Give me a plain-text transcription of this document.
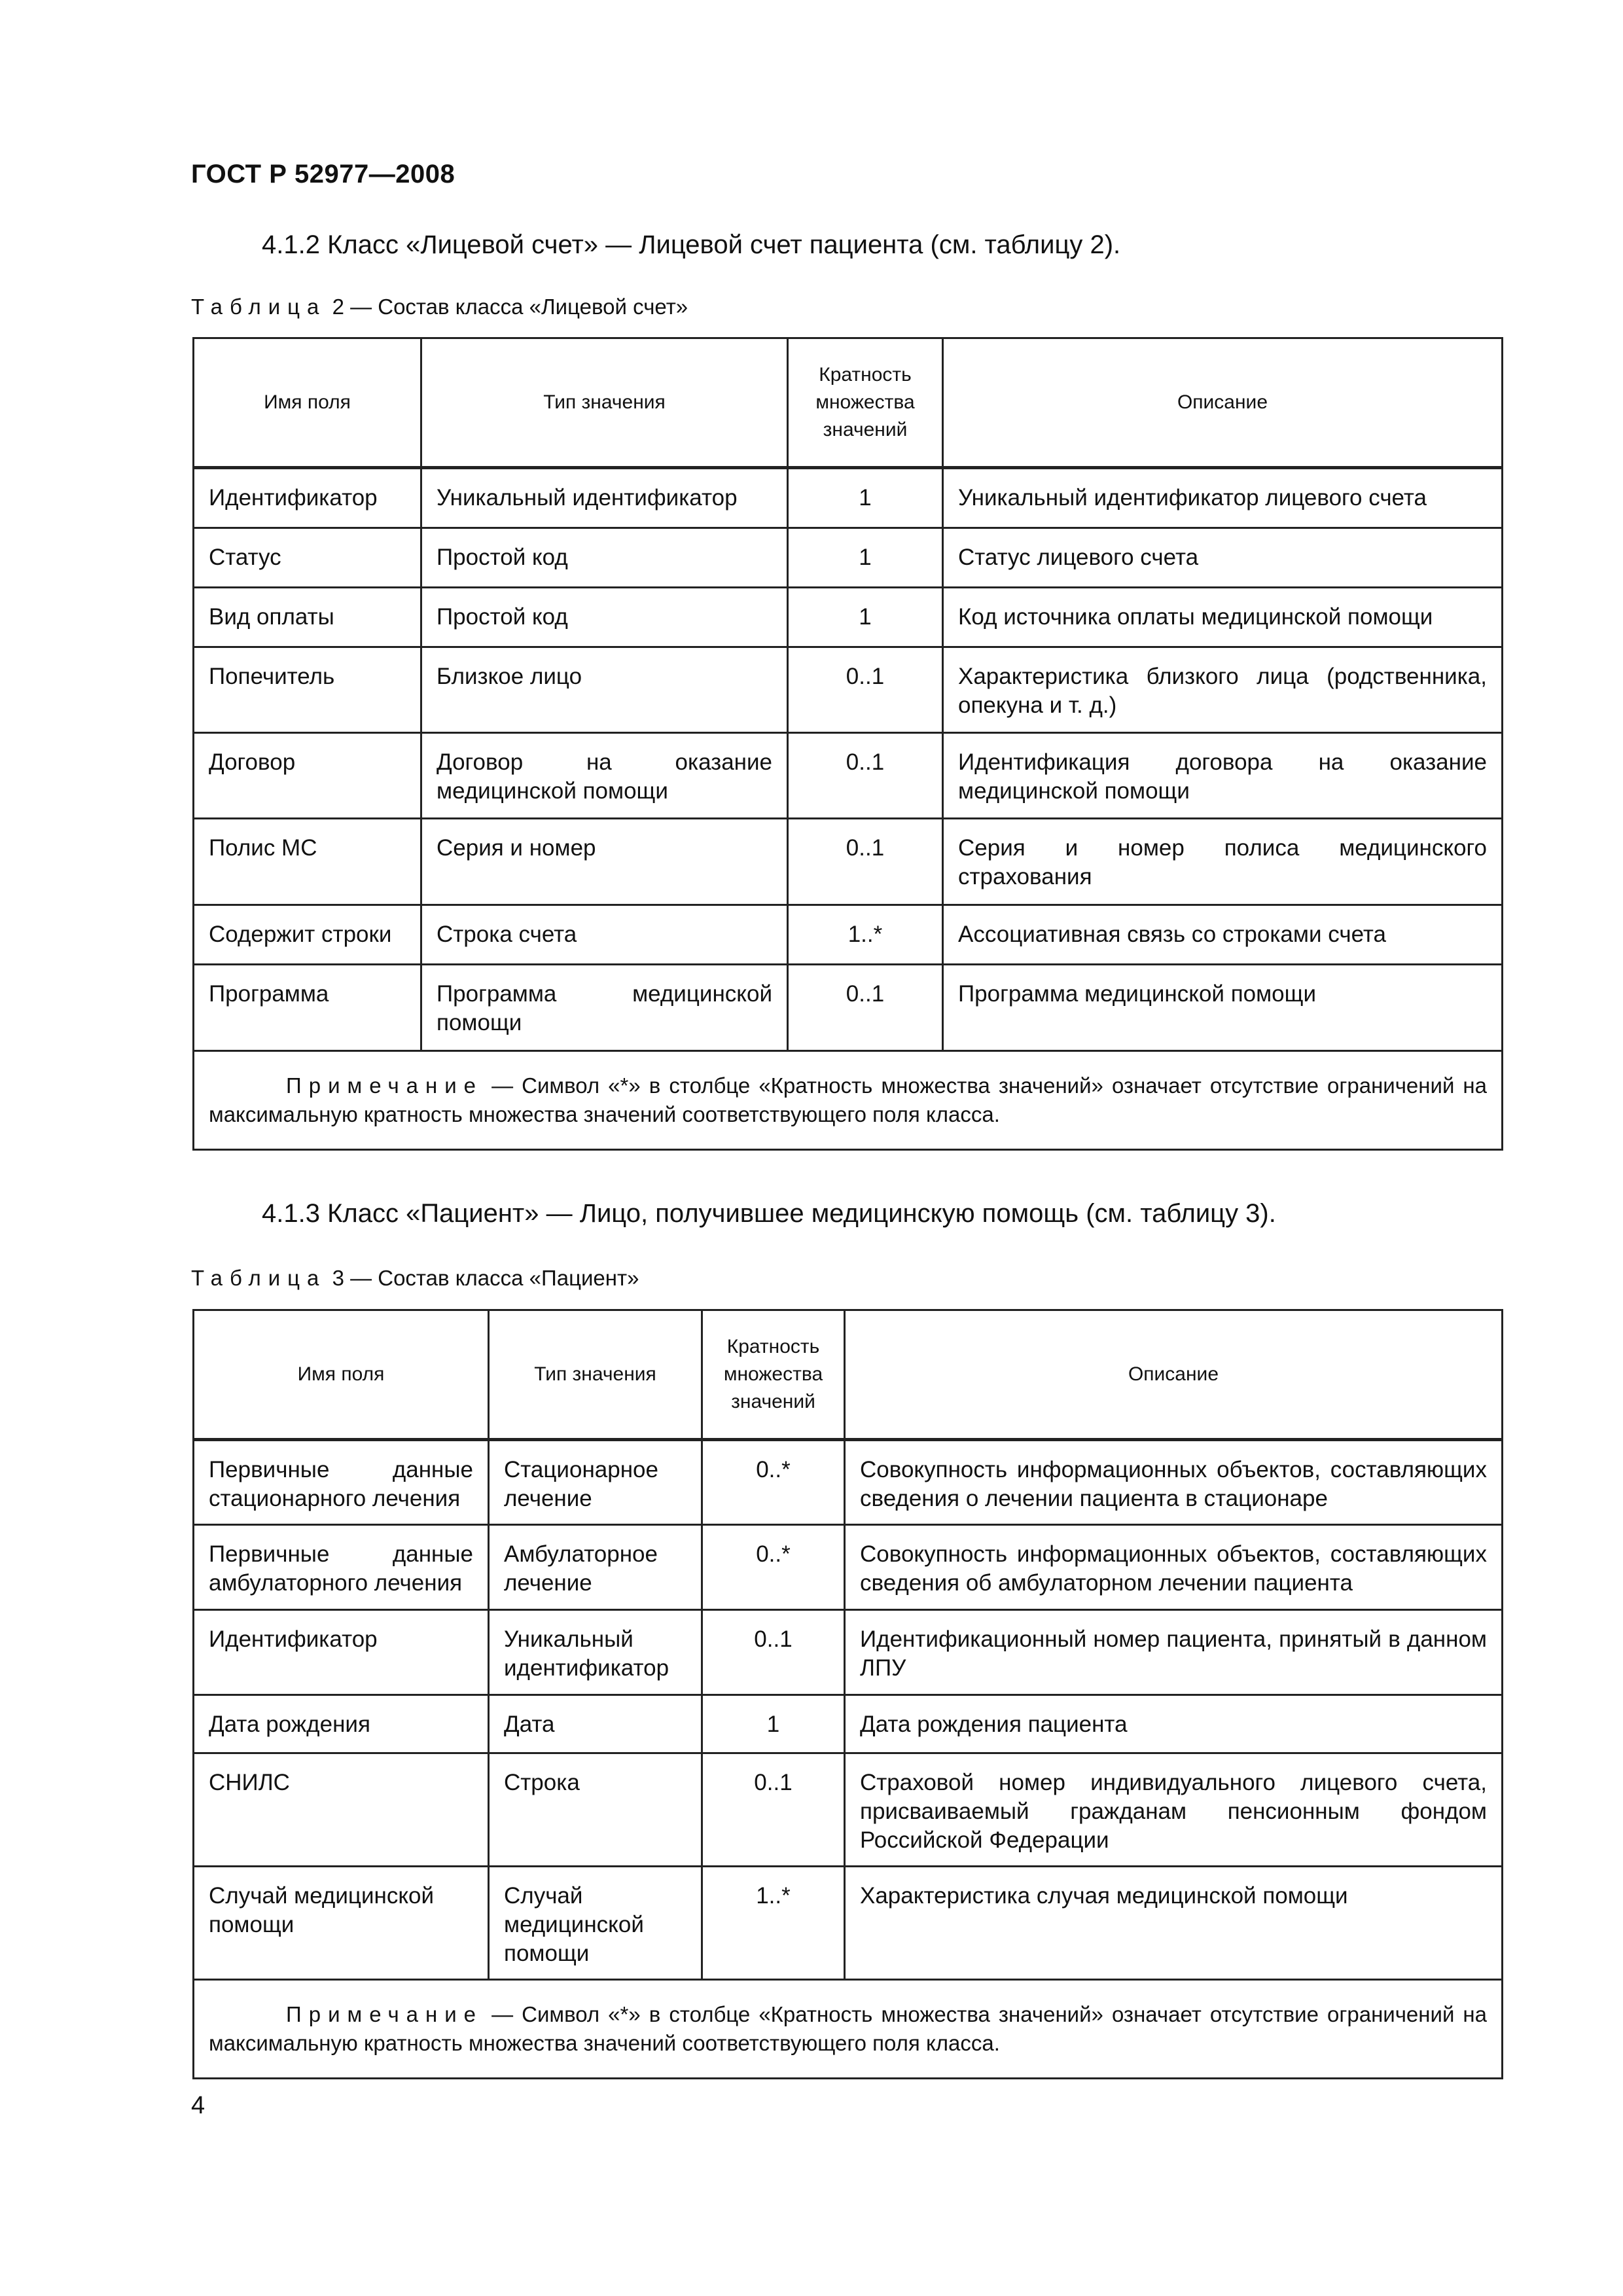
ГОСТ Р 52977—2008
4.1.2 Класс «Лицевой счет» — Лицевой счет пациента (см. таблицу 2).
Таблица 2 — Состав класса «Лицевой счет»
Имя поля	Тип значения	Кратность множества значений	Описание
Идентификатор	Уникальный идентификатор	1	Уникальный идентификатор лицевого счета
Статус	Простой код	1	Статус лицевого счета
Вид оплаты	Простой код	1	Код источника оплаты медицинской помощи
Попечитель	Близкое лицо	0..1	Характеристика близкого лица (родственника, опекуна и т. д.)
Договор	Договор на оказание медицинской помощи	0..1	Идентификация договора на оказание медицинской помощи
Полис МС	Серия и номер	0..1	Серия и номер полиса медицинского страхования
Содержит строки	Строка счета	1..*	Ассоциативная связь со строками счета
Программа	Программа медицинской помощи	0..1	Программа медицинской помощи
Примечание — Символ «*» в столбце «Кратность множества значений» означает отсутствие ограничений на максимальную кратность множества значений соответствующего поля класса.			
4.1.3 Класс «Пациент» — Лицо, получившее медицинскую помощь (см. таблицу 3).
Таблица 3 — Состав класса «Пациент»
Имя поля	Тип значения	Кратность множества значений	Описание
Первичные данные стационарного лечения	Стационарное лечение	0..*	Совокупность информационных объектов, составляющих сведения о лечении пациента в стационаре
Первичные данные амбулаторного лечения	Амбулаторное лечение	0..*	Совокупность информационных объектов, составляющих сведения об амбулаторном лечении пациента
Идентификатор	Уникальный идентификатор	0..1	Идентификационный номер пациента, принятый в данном ЛПУ
Дата рождения	Дата	1	Дата рождения пациента
СНИЛС	Строка	0..1	Страховой номер индивидуального лицевого счета, присваиваемый гражданам пенсионным фондом Российской Федерации
Случай медицинской помощи	Случай медицинской помощи	1..*	Характеристика случая медицинской помощи
Примечание — Символ «*» в столбце «Кратность множества значений» означает отсутствие ограничений на максимальную кратность множества значений соответствующего поля класса.			
4
